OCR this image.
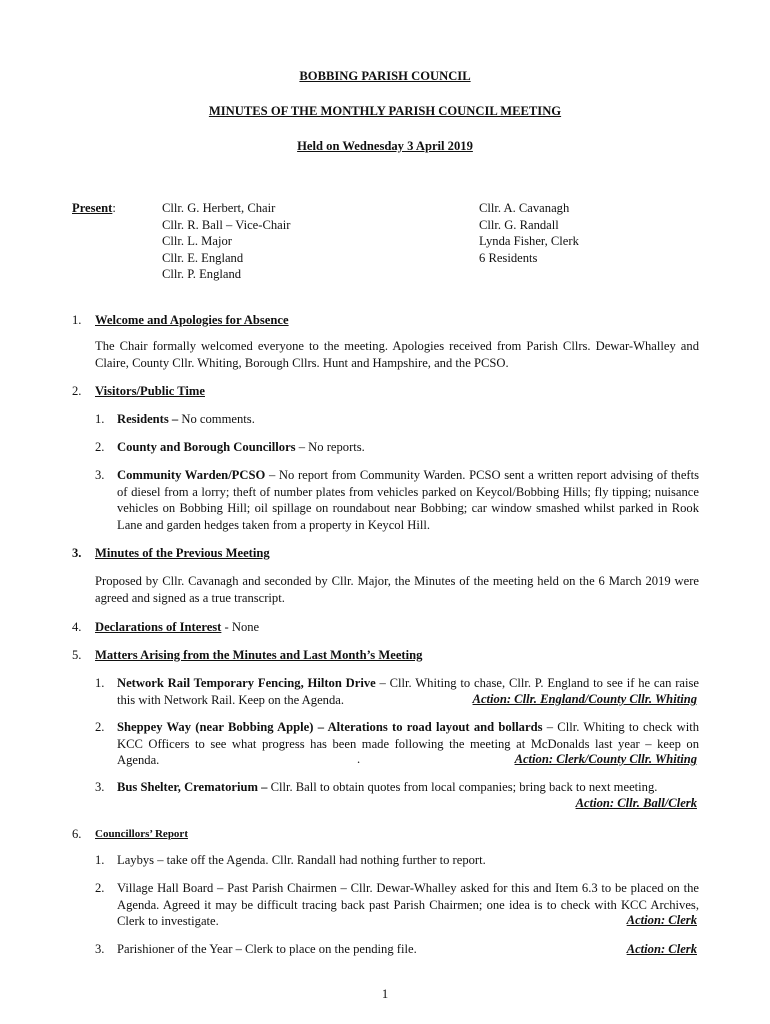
BOBBING PARISH COUNCIL
MINUTES OF THE MONTHLY PARISH COUNCIL MEETING
Held on Wednesday 3 April 2019
Present:	Cllr. G. Herbert, Chair
Cllr. R. Ball – Vice-Chair
Cllr. L. Major
Cllr. E. England
Cllr. P. England
Cllr. A. Cavanagh
Cllr. G. Randall
Lynda Fisher, Clerk
6 Residents
1. Welcome and Apologies for Absence
The Chair formally welcomed everyone to the meeting. Apologies received from Parish Cllrs. Dewar-Whalley and Claire, County Cllr. Whiting, Borough Cllrs. Hunt and Hampshire, and the PCSO.
2. Visitors/Public Time
1. Residents – No comments.
2. County and Borough Councillors – No reports.
3. Community Warden/PCSO – No report from Community Warden. PCSO sent a written report advising of thefts of diesel from a lorry; theft of number plates from vehicles parked on Keycol/Bobbing Hills; fly tipping; nuisance vehicles on Bobbing Hill; oil spillage on roundabout near Bobbing; car window smashed whilst parked in Rook Lane and garden hedges taken from a property in Keycol Hill.
3. Minutes of the Previous Meeting
Proposed by Cllr. Cavanagh and seconded by Cllr. Major, the Minutes of the meeting held on the 6 March 2019 were agreed and signed as a true transcript.
4. Declarations of Interest - None
5. Matters Arising from the Minutes and Last Month’s Meeting
1. Network Rail Temporary Fencing, Hilton Drive – Cllr. Whiting to chase, Cllr. P. England to see if he can raise this with Network Rail. Keep on the Agenda.	Action: Cllr. England/County Cllr. Whiting
2. Sheppey Way (near Bobbing Apple) – Alterations to road layout and bollards – Cllr. Whiting to check with KCC Officers to see what progress has been made following the meeting at McDonalds last year – keep on Agenda.	.	Action: Clerk/County Cllr. Whiting
3. Bus Shelter, Crematorium – Cllr. Ball to obtain quotes from local companies; bring back to next meeting.
Action: Cllr. Ball/Clerk
6. Councillors’ Report
1. Laybys – take off the Agenda. Cllr. Randall had nothing further to report.
2. Village Hall Board – Past Parish Chairmen – Cllr. Dewar-Whalley asked for this and Item 6.3 to be placed on the Agenda. Agreed it may be difficult tracing back past Parish Chairmen; one idea is to check with KCC Archives, Clerk to investigate.	Action: Clerk
3. Parishioner of the Year – Clerk to place on the pending file.	Action: Clerk
1
